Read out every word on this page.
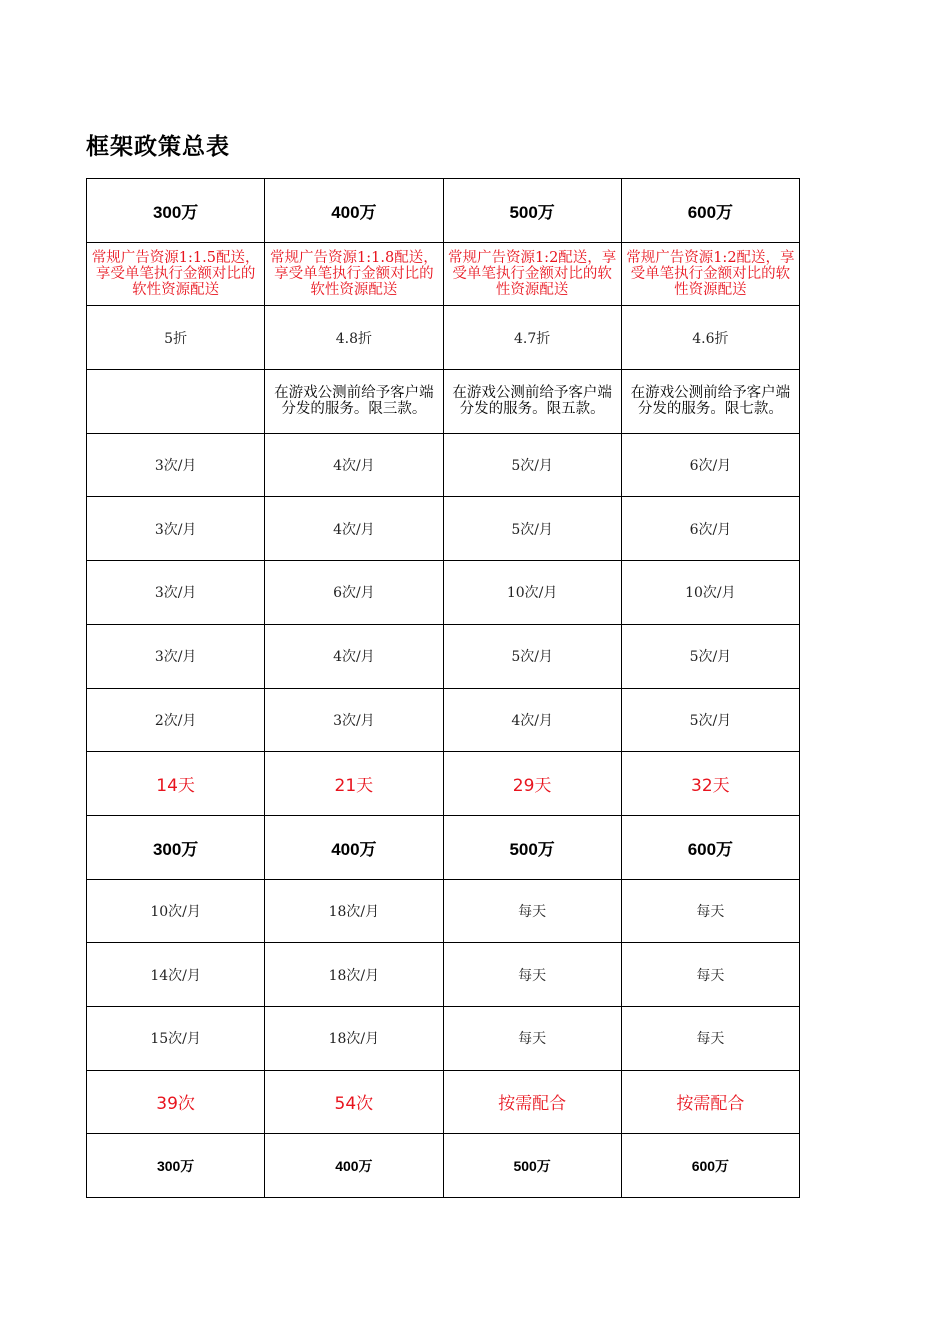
框架政策总表
300万	400万	500万	600万
常规广告资源1:1.5配送，享受单笔执行金额对比的软性资源配送	常规广告资源1:1.8配送，享受单笔执行金额对比的软性资源配送	常规广告资源1:2配送，享受单笔执行金额对比的软性资源配送	常规广告资源1:2配送，享受单笔执行金额对比的软性资源配送
5折	4.8折	4.7折	4.6折
	在游戏公测前给予客户端分发的服务。限三款。	在游戏公测前给予客户端分发的服务。限五款。	在游戏公测前给予客户端分发的服务。限七款。
3次/月	4次/月	5次/月	6次/月
3次/月	4次/月	5次/月	6次/月
3次/月	6次/月	10次/月	10次/月
3次/月	4次/月	5次/月	5次/月
2次/月	3次/月	4次/月	5次/月
14天	21天	29天	32天
300万	400万	500万	600万
10次/月	18次/月	每天	每天
14次/月	18次/月	每天	每天
15次/月	18次/月	每天	每天
39次	54次	按需配合	按需配合
300万	400万	500万	600万
